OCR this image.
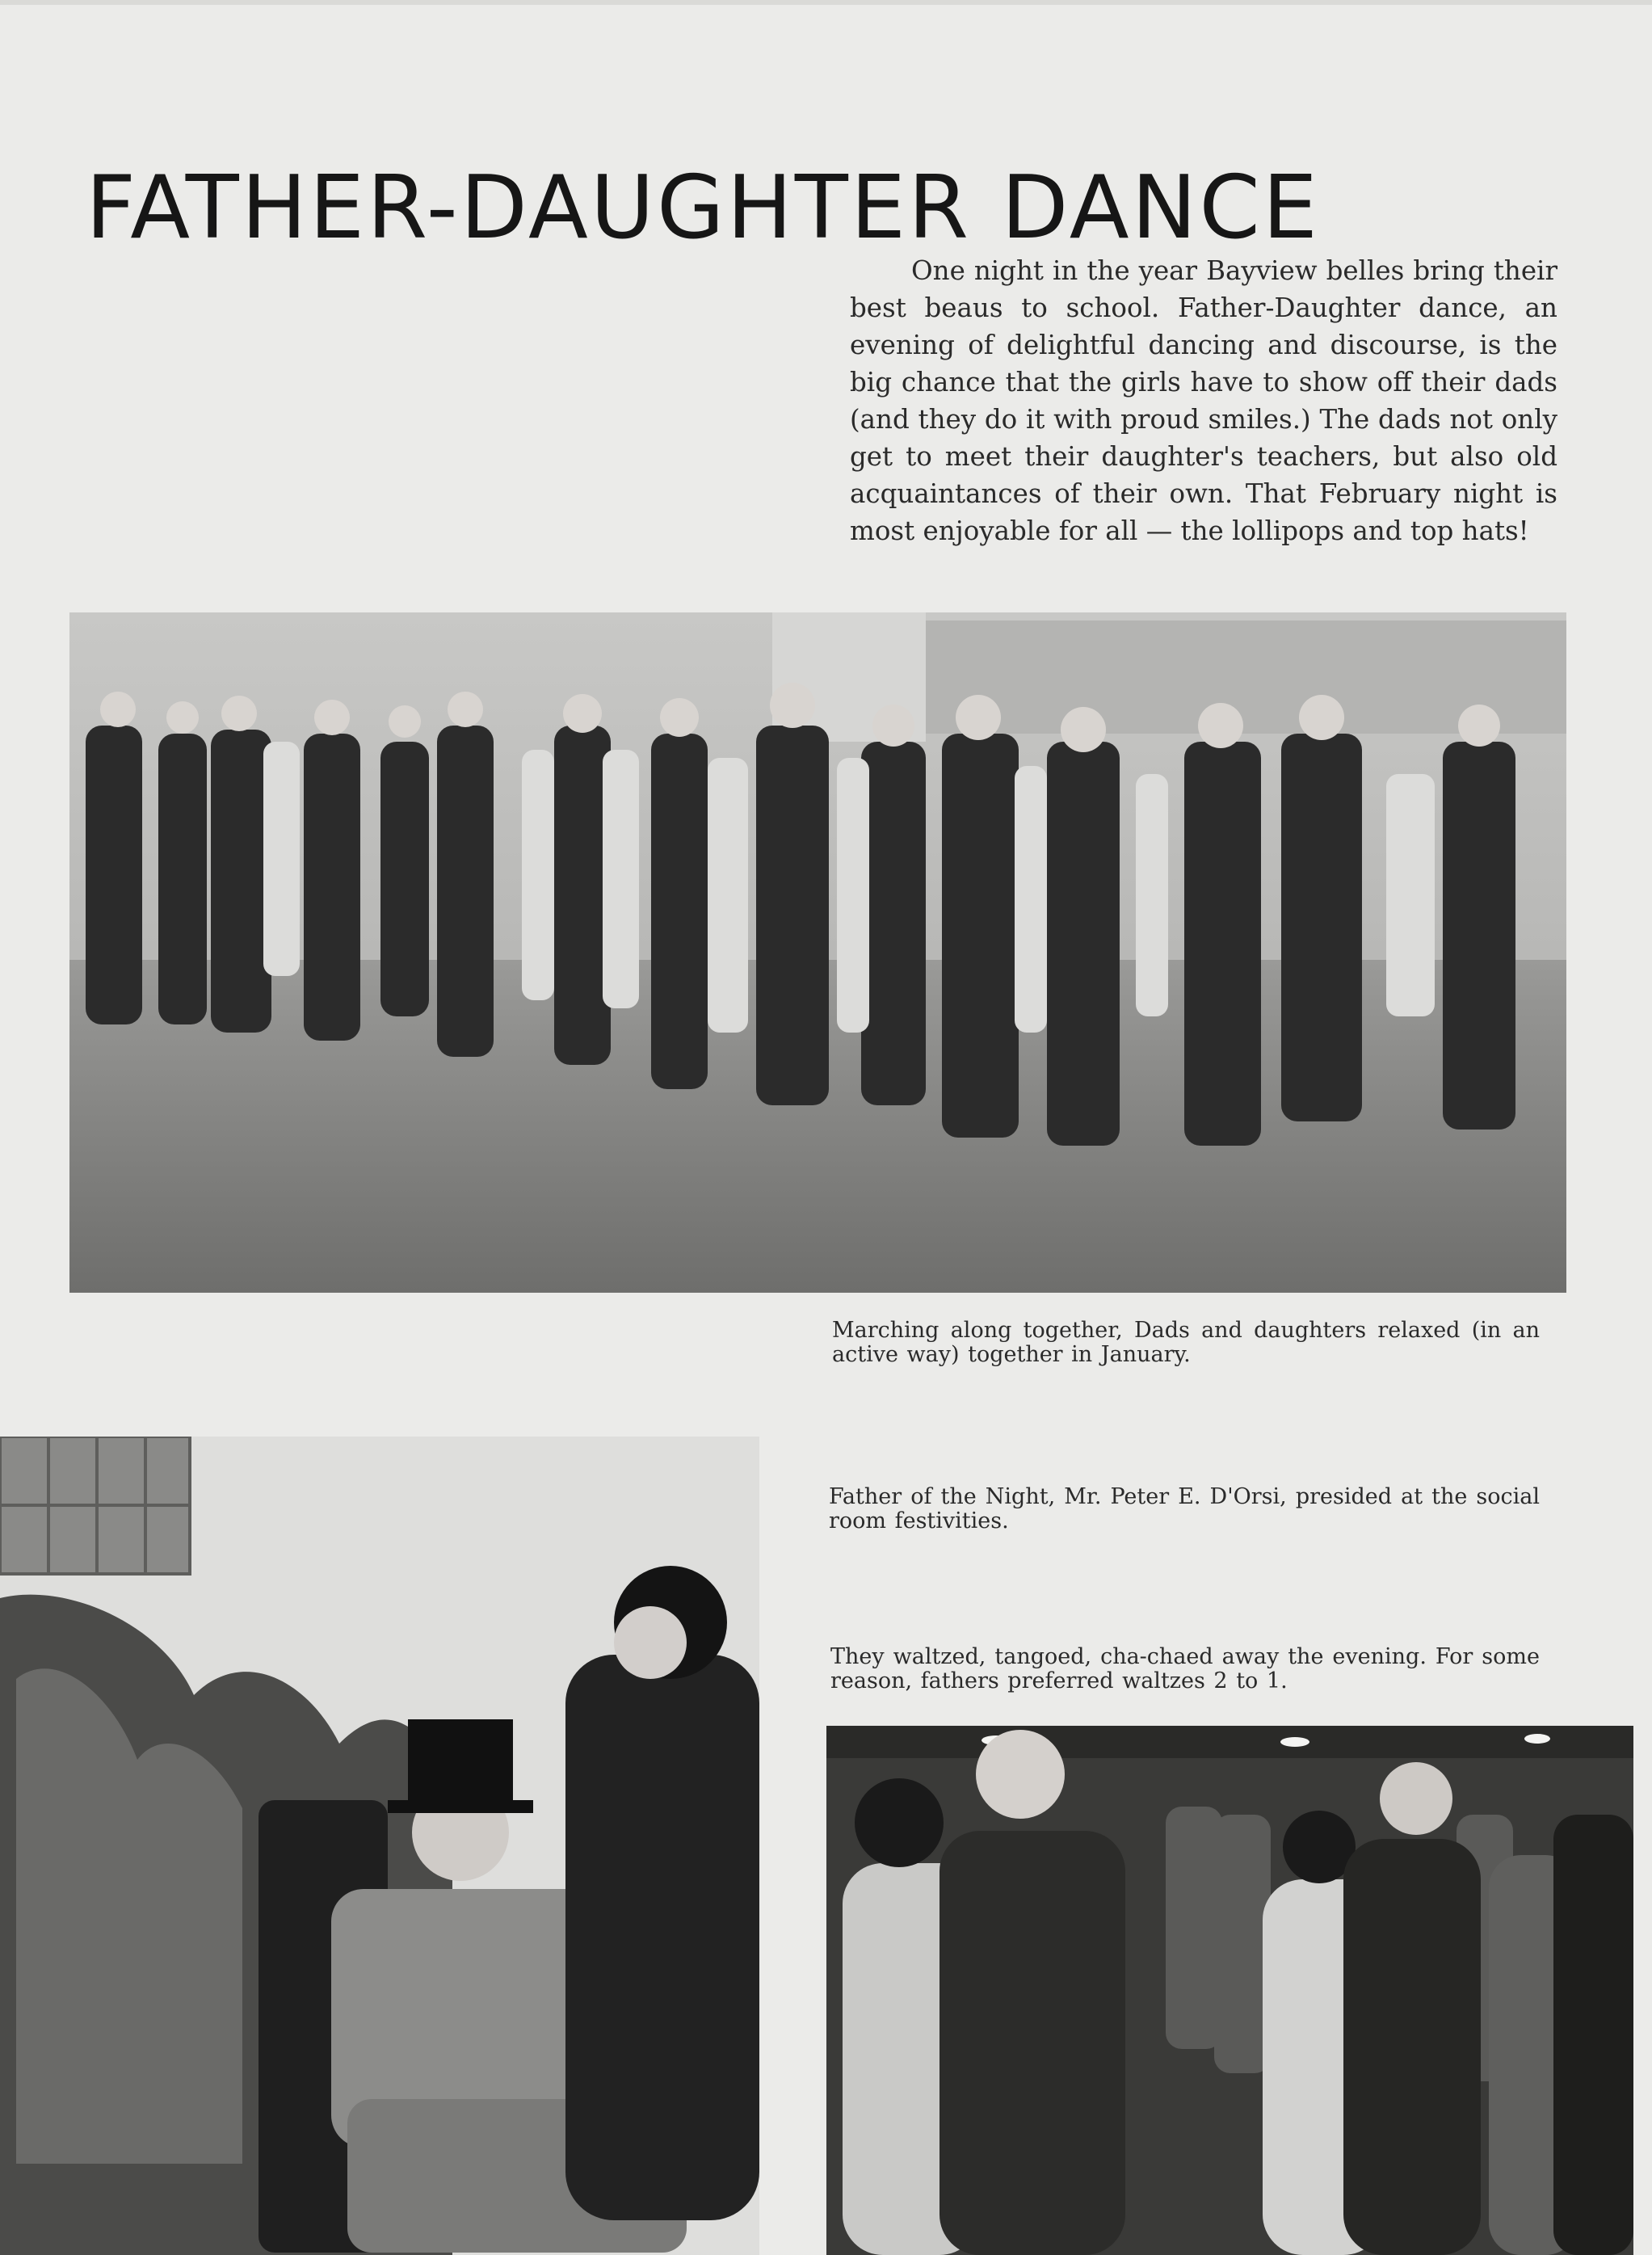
FATHER-DAUGHTER DANCE

One night in the year Bayview belles bring their best beaus to school. Father-Daughter dance, an evening of delightful dancing and discourse, is the big chance that the girls have to show off their dads (and they do it with proud smiles.) The dads not only get to meet their daughter's teachers, but also old acquaintances of their own. That February night is most enjoyable for all — the lollipops and top hats!

Marching along together, Dads and daughters relaxed (in an active way) together in January.

Father of the Night, Mr. Peter E. D'Orsi, presided at the social room festivities.

They waltzed, tangoed, cha-chaed away the evening. For some reason, fathers preferred waltzes 2 to 1.
